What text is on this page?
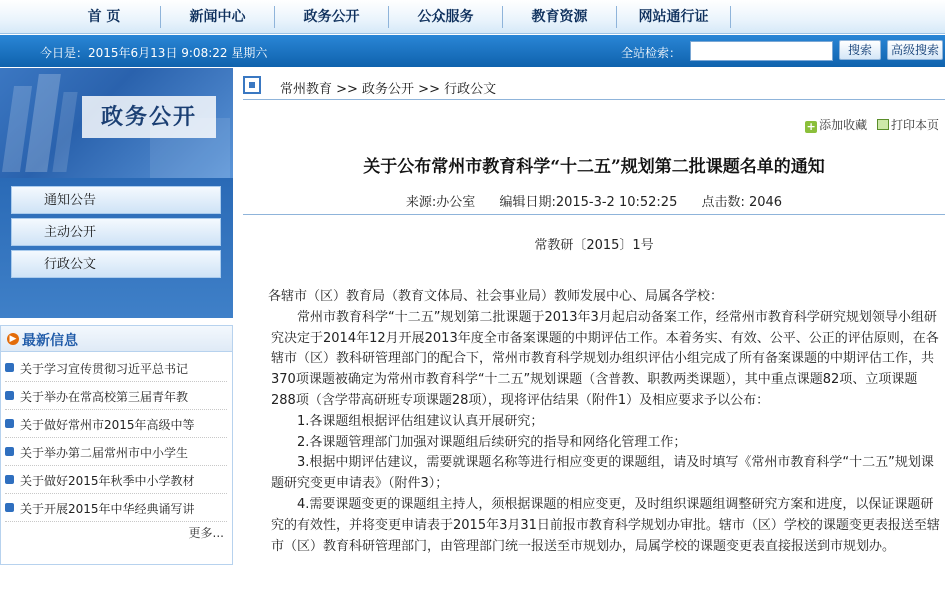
首 页	新闻中心	政务公开	公众服务	教育资源	网站通行证
今日是：2015年6月13日 9:08:22 星期六	全站检索：	搜索	高级搜索
政务公开
通知公告
主动公开
行政公文
▶ 最新信息
关于学习宣传贯彻习近平总书记
关于举办在常高校第三届青年教
关于做好常州市2015年高级中等
关于举办第二届常州市中小学生
关于做好2015年秋季中小学教材
关于开展2015年中华经典诵写讲
更多...
常州教育 >> 政务公开 >> 行政公文
+ 添加收藏 打印本页
关于公布常州市教育科学“十二五”规划第二批课题名单的通知
来源:办公室 编辑日期:2015-3-2 10:52:25 点击数: 2046
常教研〔2015〕1号

各辖市（区）教育局（教育文体局、社会事业局）教师发展中心、局属各学校：

常州市教育科学“十二五”规划第二批课题于2013年3月起启动备案工作，经常州市教育科学研究规划领导小组研究决定于2014年12月开展2013年度全市备案课题的中期评估工作。本着务实、有效、公平、公正的评估原则，在各辖市（区）教科研管理部门的配合下，常州市教育科学规划办组织评估小组完成了所有备案课题的中期评估工作，共370项课题被确定为常州市教育科学“十二五”规划课题（含普教、职教两类课题），其中重点课题82项、立项课题288项（含学带高研班专项课题28项），现将评估结果（附件1）及相应要求予以公布：

1.各课题组根据评估组建议认真开展研究；

2.各课题管理部门加强对课题组后续研究的指导和网络化管理工作；

3.根据中期评估建议，需要就课题名称等进行相应变更的课题组，请及时填写《常州市教育科学“十二五”规划课题研究变更申请表》（附件3）；

4.需要课题变更的课题组主持人，须根据课题的相应变更，及时组织课题组调整研究方案和进度，以保证课题研究的有效性，并将变更申请表于2015年3月31日前报市教育科学规划办审批。辖市（区）学校的课题变更表报送至辖市（区）教育科研管理部门，由管理部门统一报送至市规划办，局属学校的课题变更表直接报送到市规划办。
